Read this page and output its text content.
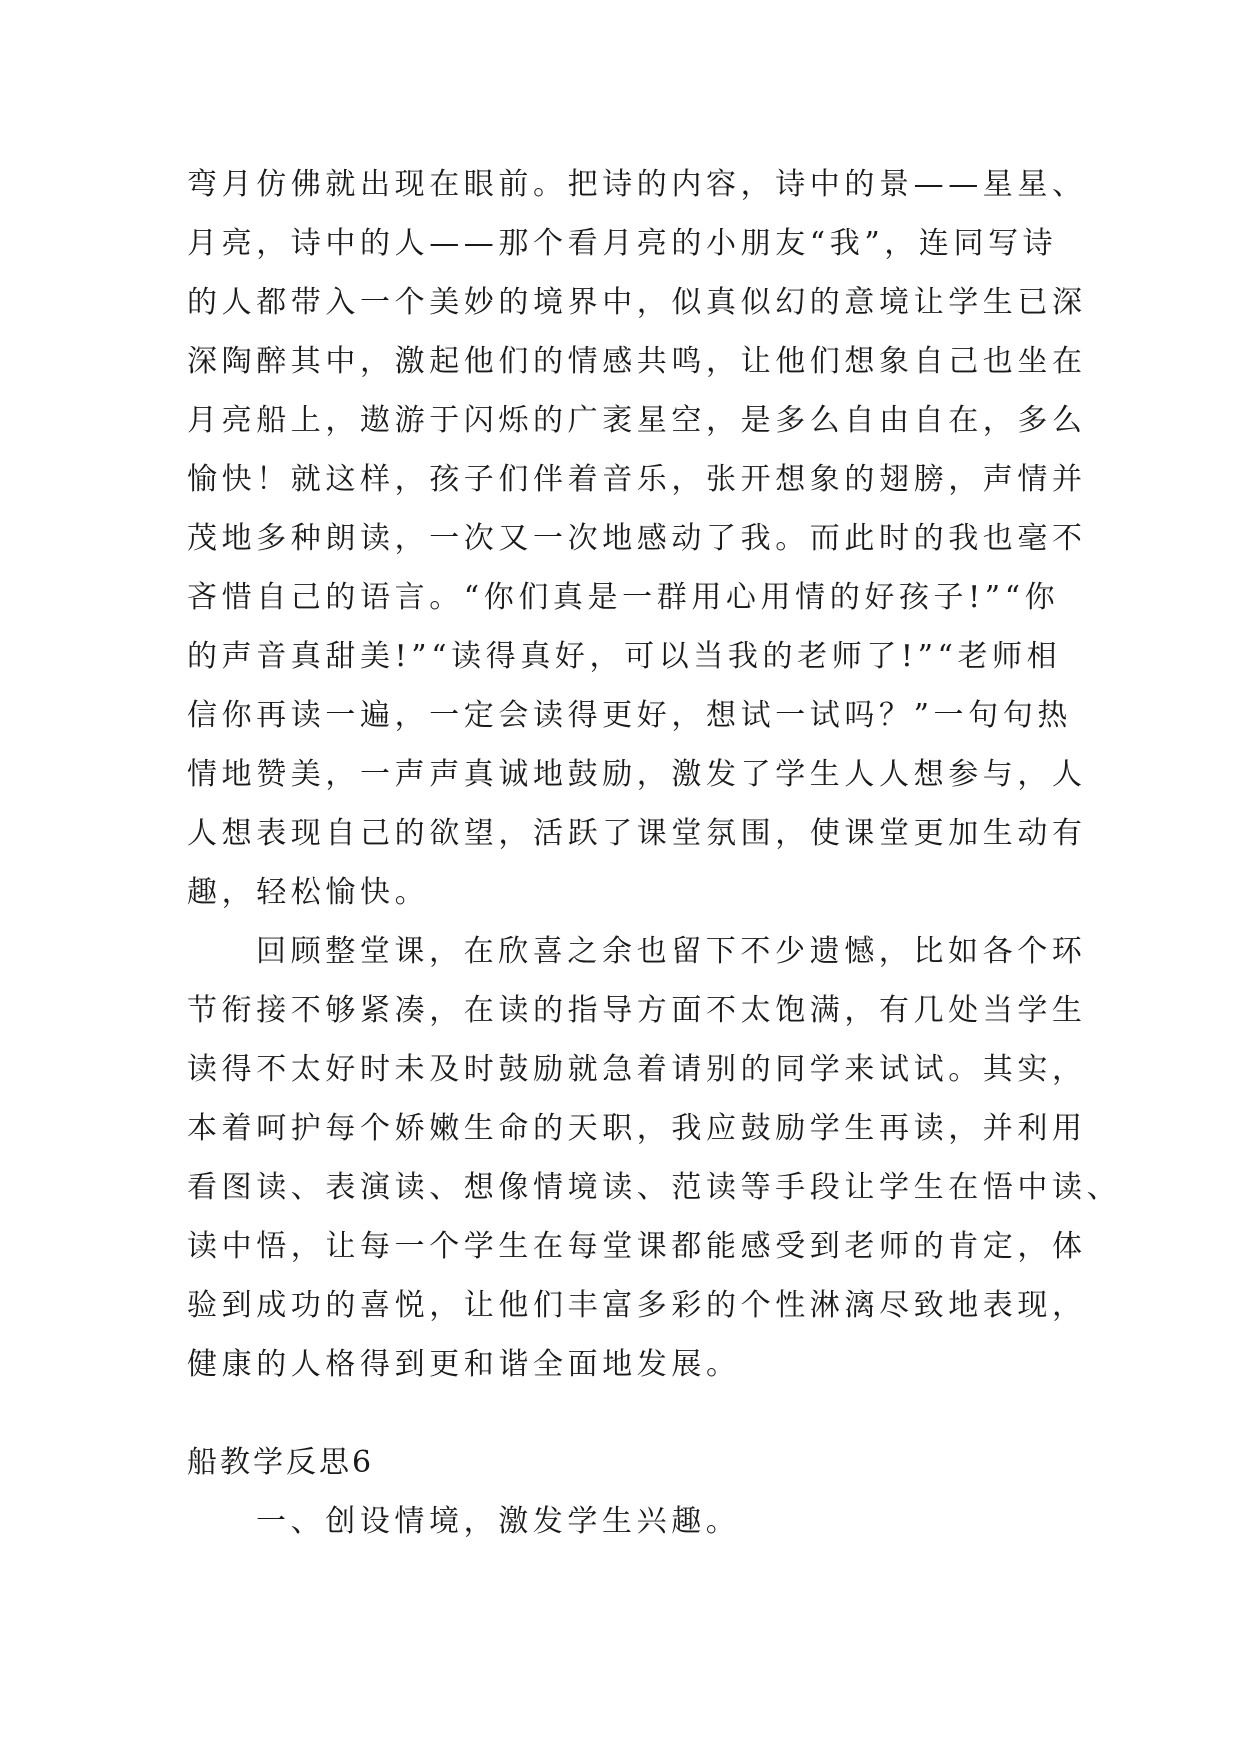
弯月仿佛就出现在眼前。把诗的内容，诗中的景——星星、
月亮，诗中的人——那个看月亮的小朋友“我”，连同写诗
的人都带入一个美妙的境界中，似真似幻的意境让学生已深
深陶醉其中，激起他们的情感共鸣，让他们想象自己也坐在
月亮船上，遨游于闪烁的广袤星空，是多么自由自在，多么
愉快！就这样，孩子们伴着音乐，张开想象的翅膀，声情并
茂地多种朗读，一次又一次地感动了我。而此时的我也毫不
吝惜自己的语言。“你们真是一群用心用情的好孩子!”“你
的声音真甜美!”“读得真好，可以当我的老师了!”“老师相
信你再读一遍，一定会读得更好，想试一试吗？”一句句热
情地赞美，一声声真诚地鼓励，激发了学生人人想参与，人
人想表现自己的欲望，活跃了课堂氛围，使课堂更加生动有
趣，轻松愉快。
回顾整堂课，在欣喜之余也留下不少遗憾，比如各个环
节衔接不够紧凑，在读的指导方面不太饱满，有几处当学生
读得不太好时未及时鼓励就急着请别的同学来试试。其实，
本着呵护每个娇嫩生命的天职，我应鼓励学生再读，并利用
看图读、表演读、想像情境读、范读等手段让学生在悟中读、
读中悟，让每一个学生在每堂课都能感受到老师的肯定，体
验到成功的喜悦，让他们丰富多彩的个性淋漓尽致地表现，
健康的人格得到更和谐全面地发展。
船教学反思6
一、创设情境，激发学生兴趣。
